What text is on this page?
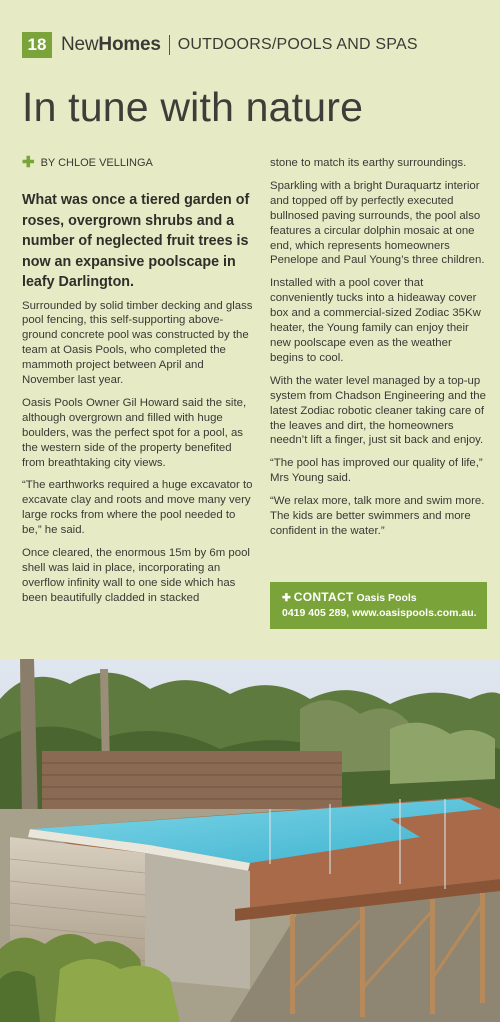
18 NewHomes OUTDOORS/POOLS AND SPAS
In tune with nature
✚ BY CHLOE VELLINGA

What was once a tiered garden of roses, overgrown shrubs and a number of neglected fruit trees is now an expansive poolscape in leafy Darlington.

Surrounded by solid timber decking and glass pool fencing, this self-supporting above-ground concrete pool was constructed by the team at Oasis Pools, who completed the mammoth project between April and November last year.

Oasis Pools Owner Gil Howard said the site, although overgrown and filled with huge boulders, was the perfect spot for a pool, as the western side of the property benefited from breathtaking city views.

“The earthworks required a huge excavator to excavate clay and roots and move many very large rocks from where the pool needed to be,” he said.

Once cleared, the enormous 15m by 6m pool shell was laid in place, incorporating an overflow infinity wall to one side which has been beautifully cladded in stacked

stone to match its earthy surroundings.

Sparkling with a bright Duraquartz interior and topped off by perfectly executed bullnosed paving surrounds, the pool also features a circular dolphin mosaic at one end, which represents homeowners Penelope and Paul Young’s three children.

Installed with a pool cover that conveniently tucks into a hideaway cover box and a commercial-sized Zodiac 35Kw heater, the Young family can enjoy their new poolscape even as the weather begins to cool.

With the water level managed by a top-up system from Chadson Engineering and the latest Zodiac robotic cleaner taking care of the leaves and dirt, the homeowners needn’t lift a finger, just sit back and enjoy.

“The pool has improved our quality of life,” Mrs Young said.

“We relax more, talk more and swim more. The kids are better swimmers and more confident in the water.”

✚ CONTACT Oasis Pools
0419 405 289, www.oasispools.com.au.
